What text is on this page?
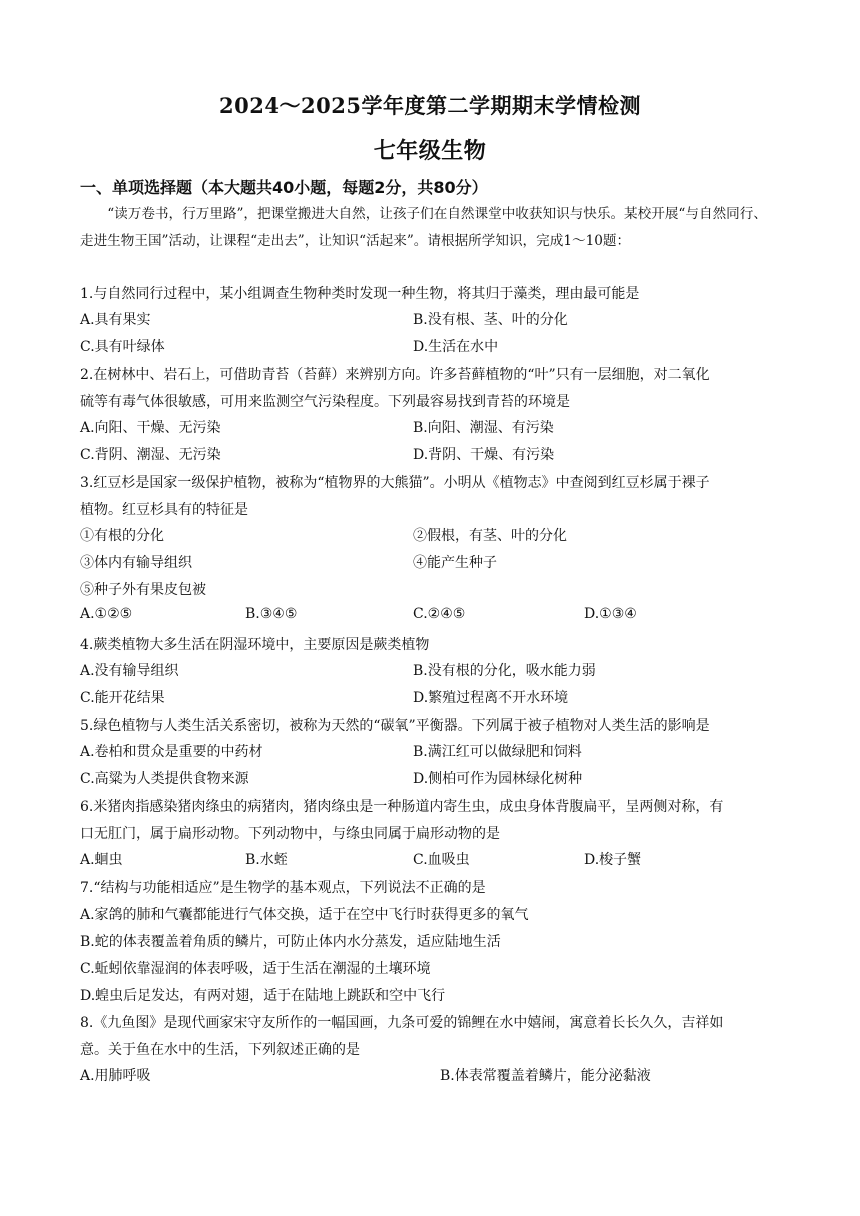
2024～2025学年度第二学期期末学情检测
七年级生物
一、单项选择题（本大题共40小题，每题2分，共80分）
“读万卷书，行万里路”，把课堂搬进大自然，让孩子们在自然课堂中收获知识与快乐。某校开展“与自然同行、走进生物王国”活动，让课程“走出去”，让知识“活起来”。请根据所学知识，完成1～10题：
1.与自然同行过程中，某小组调查生物种类时发现一种生物，将其归于藻类，理由最可能是
A.具有果实	B.没有根、茎、叶的分化
C.具有叶绿体	D.生活在水中
2.在树林中、岩石上，可借助青苔（苔藓）来辨别方向。许多苔藓植物的“叶”只有一层细胞，对二氧化
硫等有毒气体很敏感，可用来监测空气污染程度。下列最容易找到青苔的环境是
A.向阳、干燥、无污染	B.向阳、潮湿、有污染
C.背阴、潮湿、无污染	D.背阴、干燥、有污染
3.红豆杉是国家一级保护植物，被称为“植物界的大熊猫”。小明从《植物志》中查阅到红豆杉属于裸子
植物。红豆杉具有的特征是
①有根的分化	②假根，有茎、叶的分化
③体内有输导组织	④能产生种子
⑤种子外有果皮包被
A.①②⑤	B.③④⑤	C.②④⑤	D.①③④
4.蕨类植物大多生活在阴湿环境中，主要原因是蕨类植物
A.没有输导组织	B.没有根的分化，吸水能力弱
C.能开花结果	D.繁殖过程离不开水环境
5.绿色植物与人类生活关系密切，被称为天然的“碳氧”平衡器。下列属于被子植物对人类生活的影响是
A.卷柏和贯众是重要的中药材	B.满江红可以做绿肥和饲料
C.高粱为人类提供食物来源	D.侧柏可作为园林绿化树种
6.米猪肉指感染猪肉绦虫的病猪肉，猪肉绦虫是一种肠道内寄生虫，成虫身体背腹扁平，呈两侧对称，有
口无肛门，属于扁形动物。下列动物中，与绦虫同属于扁形动物的是
A.蛔虫	B.水蛭	C.血吸虫	D.梭子蟹
7.“结构与功能相适应”是生物学的基本观点，下列说法不正确的是
A.家鸽的肺和气囊都能进行气体交换，适于在空中飞行时获得更多的氧气
B.蛇的体表覆盖着角质的鳞片，可防止体内水分蒸发，适应陆地生活
C.蚯蚓依靠湿润的体表呼吸，适于生活在潮湿的土壤环境
D.蝗虫后足发达，有两对翅，适于在陆地上跳跃和空中飞行
8.《九鱼图》是现代画家宋守友所作的一幅国画，九条可爱的锦鲤在水中嬉闹，寓意着长长久久，吉祥如
意。关于鱼在水中的生活，下列叙述正确的是
A.用肺呼吸	B.体表常覆盖着鳞片，能分泌黏液
